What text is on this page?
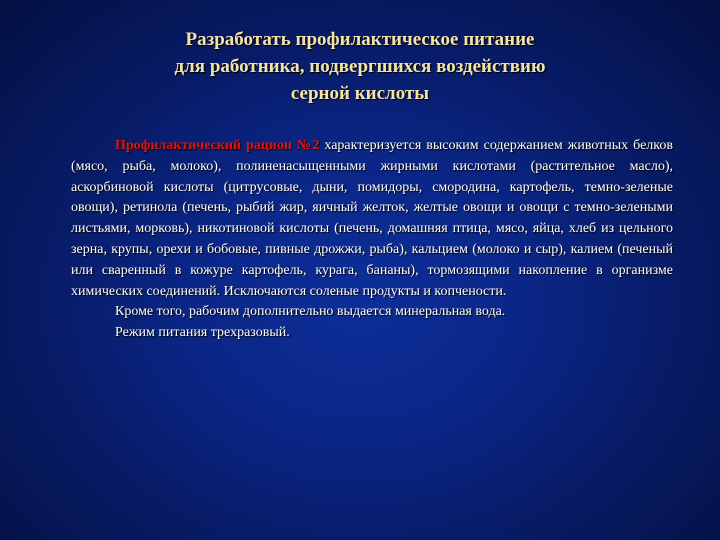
Разработать профилактическое питание
для работника, подвергшихся воздействию
серной кислоты

Профилактический рацион №2 характеризуется высоким содержанием животных белков (мясо, рыба, молоко), полиненасыщенными жирными кислотами (растительное масло), аскорбиновой кислоты (цитрусовые, дыни, помидоры, смородина, картофель, темно-зеленые овощи), ретинола (печень, рыбий жир, яичный желток, желтые овощи и овощи с темно-зелеными листьями, морковь), никотиновой кислоты (печень, домашняя птица, мясо, яйца, хлеб из цельного зерна, крупы, орехи и бобовые, пивные дрожжи, рыба), кальцием (молоко и сыр), калием (печеный или сваренный в кожуре картофель, курага, бананы), тормозящими накопление в организме химических соединений. Исключаются соленые продукты и копчености.

Кроме того, рабочим дополнительно выдается минеральная вода.

Режим питания трехразовый.
